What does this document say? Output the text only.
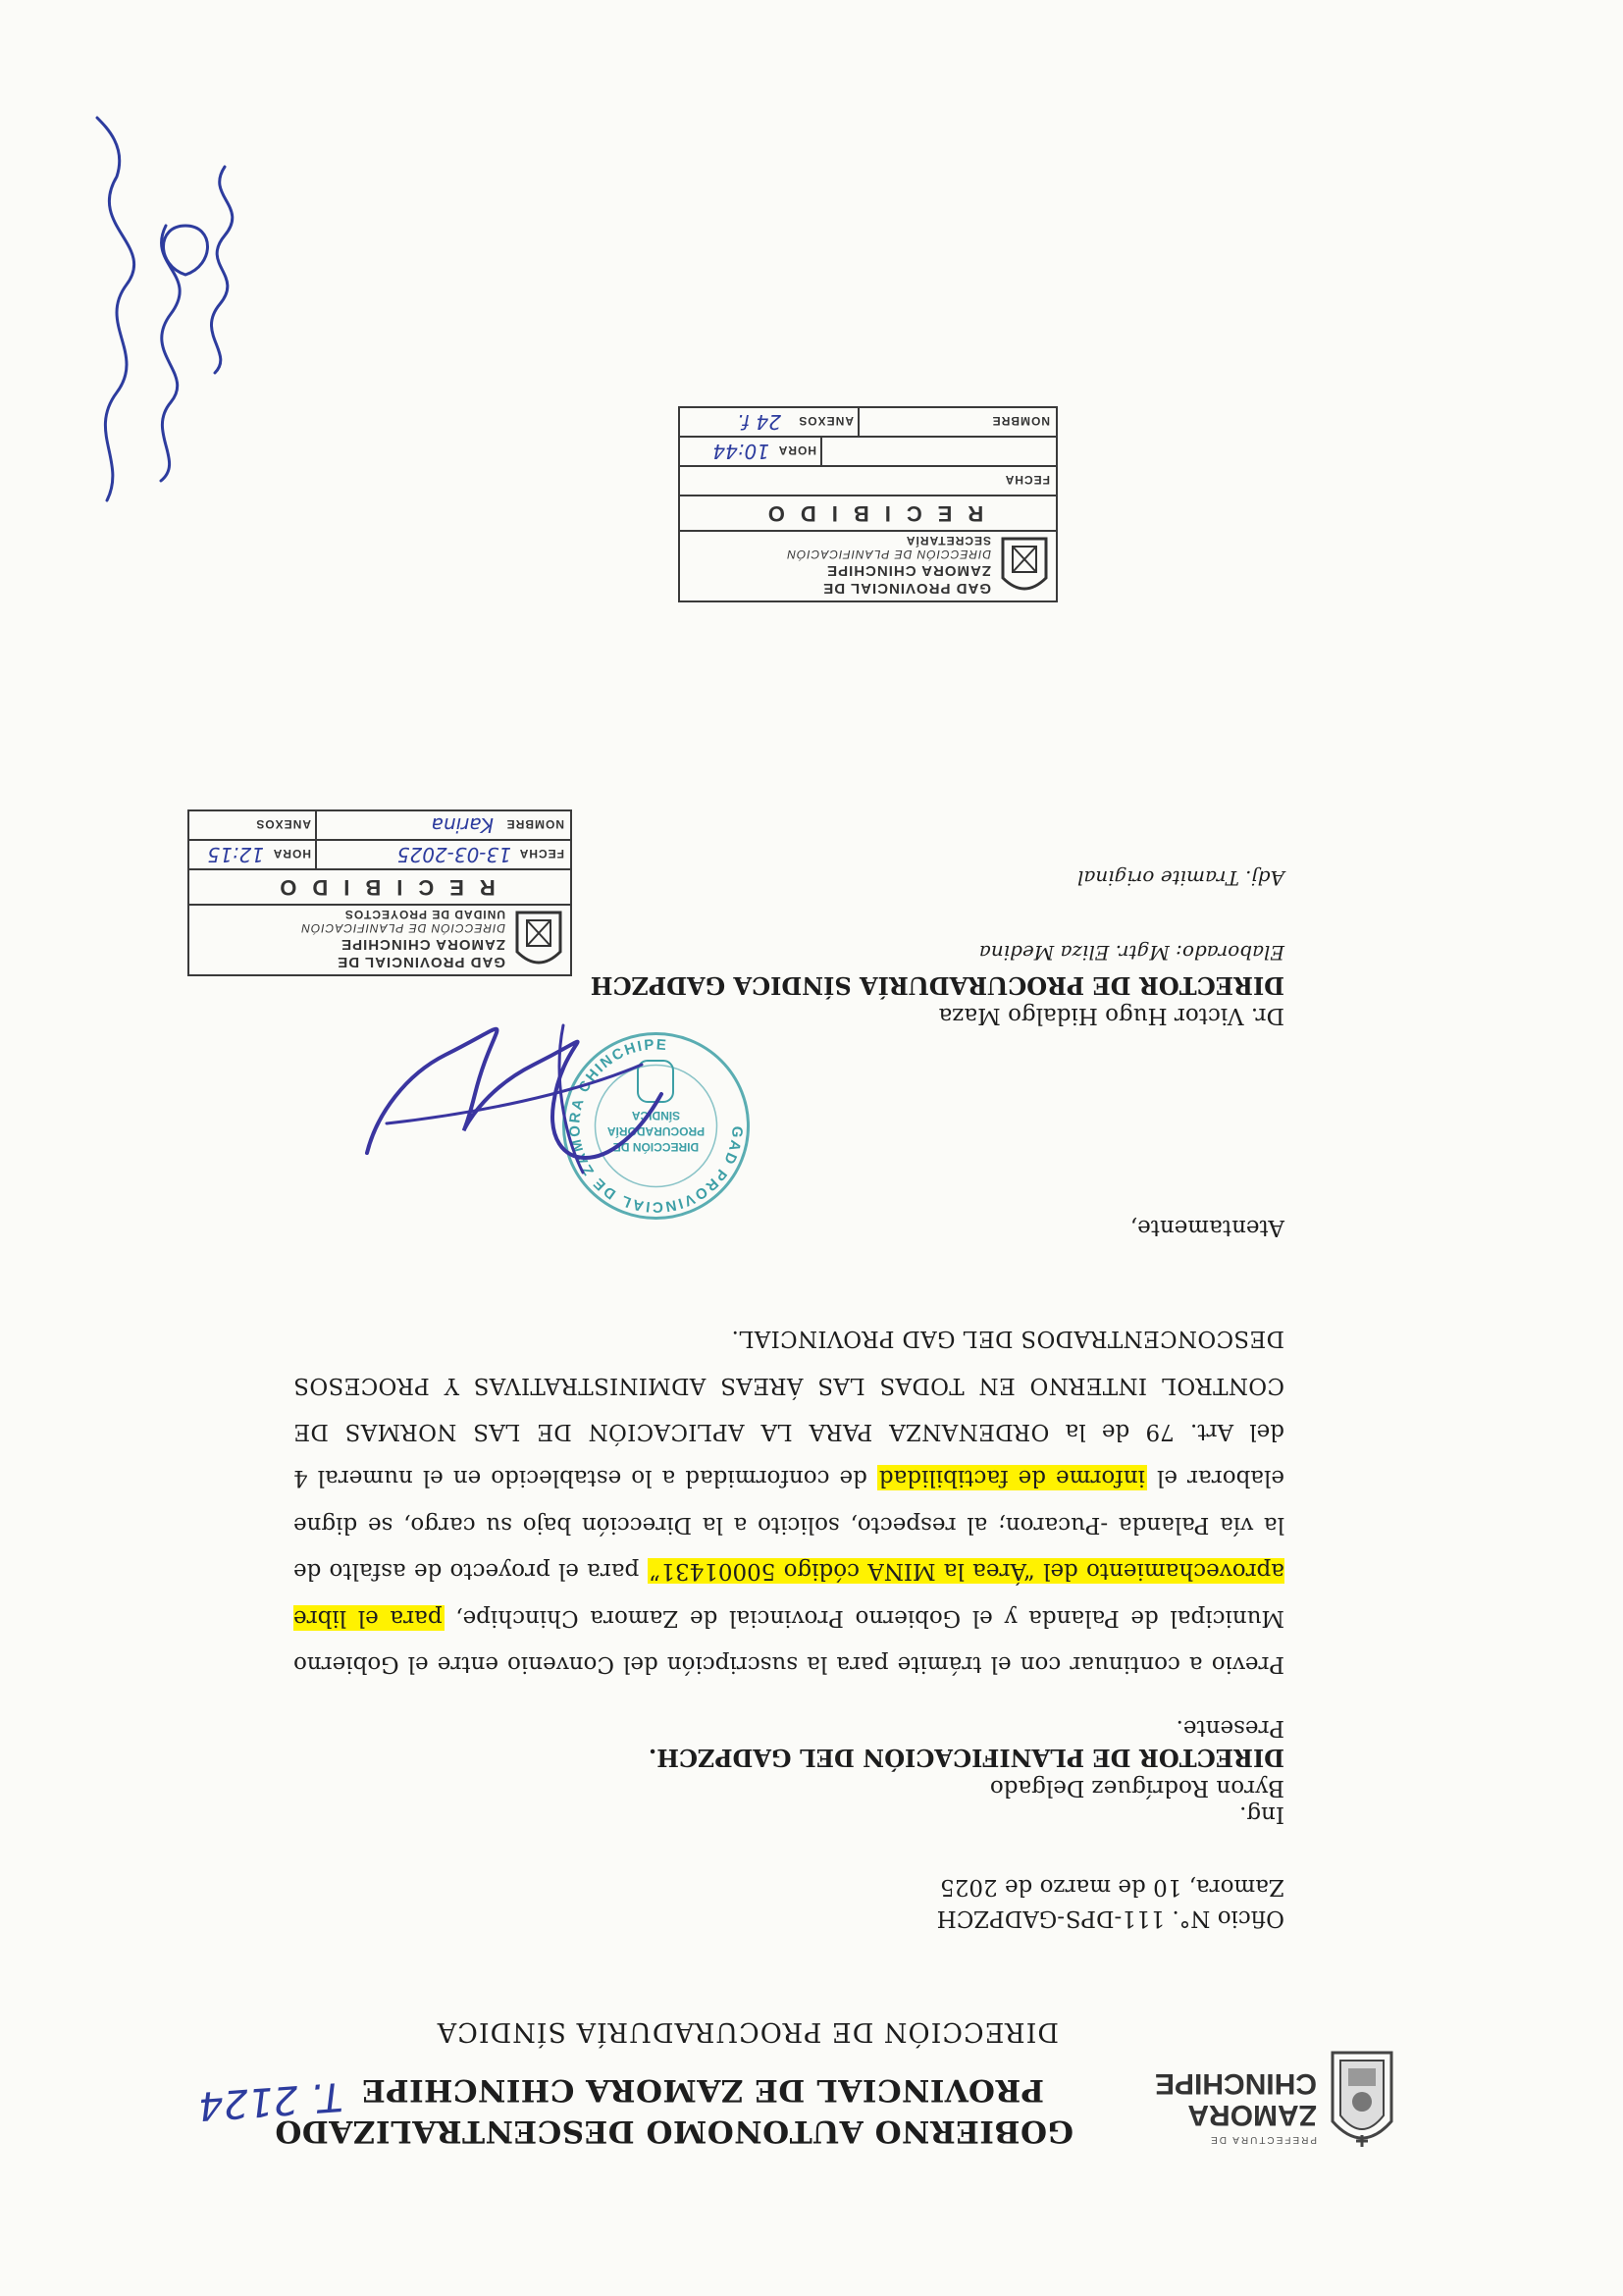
PREFECTURA DE
ZAMORA
CHINCHIPE
GOBIERNO AUTONOMO DESCENTRALIZADO
PROVINCIAL DE ZAMORA CHINCHIPE
DIRECCIÓN DE PROCURADURÍA SÍNDICA
T. 2124
Oficio N°. 111-DPS-GADPZCH
Zamora, 10 de marzo de 2025
Ing.
Byron Rodríguez Delgado
DIRECTOR DE PLANIFICACIÓN DEL GADPZCH.
Presente.
Previo a continuar con el trámite para la suscripción del Convenio entre el Gobierno Municipal de Palanda y el Gobierno Provincial de Zamora Chinchipe, para el libre aprovechamiento del “Área la MINA código 50001431” para el proyecto de asfalto de la vía Palanda -Pucaron; al respecto, solicito a la Dirección bajo su cargo, se digne elaborar el informe de factibilidad de conformidad a lo establecido en el numeral 4 del Art. 79 de la ORDENANZA PARA LA APLICACIÓN DE LAS NORMAS DE CONTROL INTERNO EN TODAS LAS ÁREAS ADMINISTRATIVAS Y PROCESOS DESCONCENTRADOS DEL GAD PROVINCIAL.
Atentamente,
GAD PROVINCIAL DE ZAMORA CHINCHIPE
DIRECCIÓN DE
PROCURADORÍA
SÍNDICA
Dr. Victor Hugo Hidalgo Maza
DIRECTOR DE PROCURADURÍA SÍNDICA GADPZCH
Elaborado: Mgtr. Eliza Medina
Adj. Tramite original
GAD PROVINCIAL DE
ZAMORA CHINCHIPE
DIRECCIÓN DE PLANIFICACIÓN
UNIDAD DE PROYECTOS
RECIBIDO
FECHA
13-03-2025
HORA
12:15
NOMBRE
Karina
ANEXOS
GAD PROVINCIAL DE
ZAMORA CHINCHIPE
DIRECCIÓN DE PLANIFICACIÓN
SECRETARÍA
RECIBIDO
FECHA
HORA
10:44
NOMBRE
ANEXOS
24 f.
